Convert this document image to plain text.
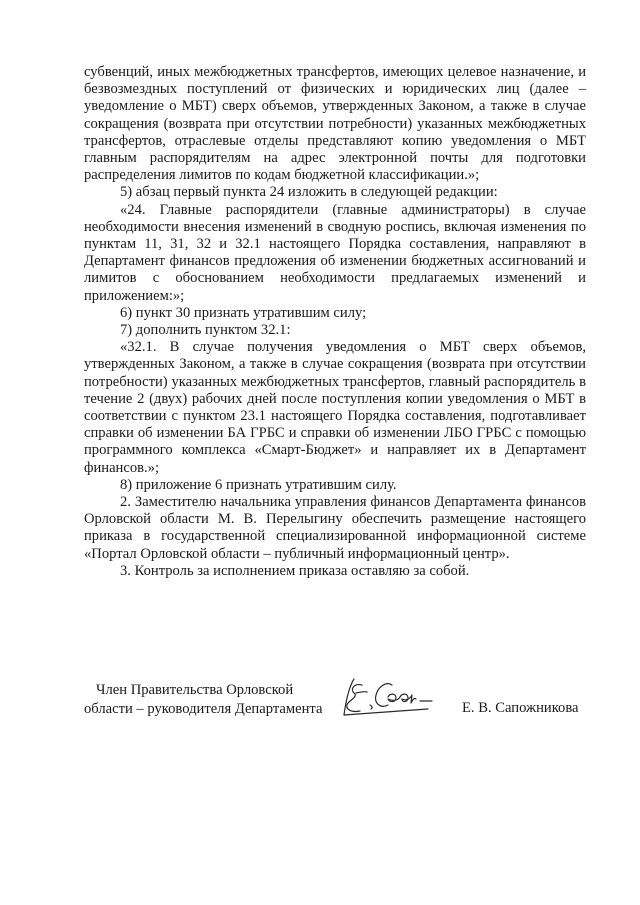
субвенций, иных межбюджетных трансфертов, имеющих целевое назначение, и безвозмездных поступлений от физических и юридических лиц (далее – уведомление о МБТ) сверх объемов, утвержденных Законом, а также в случае сокращения (возврата при отсутствии потребности) указанных межбюджетных трансфертов, отраслевые отделы представляют копию уведомления о МБТ главным распорядителям на адрес электронной почты для подготовки распределения лимитов по кодам бюджетной классификации.»;

5) абзац первый пункта 24 изложить в следующей редакции:

«24. Главные распорядители (главные администраторы) в случае необходимости внесения изменений в сводную роспись, включая изменения по пунктам 11, 31, 32 и 32.1 настоящего Порядка составления, направляют в Департамент финансов предложения об изменении бюджетных ассигнований и лимитов с обоснованием необходимости предлагаемых изменений и приложением:»;

6) пункт 30 признать утратившим силу;

7) дополнить пунктом 32.1:

«32.1. В случае получения уведомления о МБТ сверх объемов, утвержденных Законом, а также в случае сокращения (возврата при отсутствии потребности) указанных межбюджетных трансфертов, главный распорядитель в течение 2 (двух) рабочих дней после поступления копии уведомления о МБТ в соответствии с пунктом 23.1 настоящего Порядка составления, подготавливает справки об изменении БА ГРБС и справки об изменении ЛБО ГРБС с помощью программного комплекса «Смарт-Бюджет» и направляет их в Департамент финансов.»;

8) приложение 6 признать утратившим силу.

2. Заместителю начальника управления финансов Департамента финансов Орловской области М. В. Перелыгину обеспечить размещение настоящего приказа в государственной специализированной информационной системе «Портал Орловской области – публичный информационный центр».

3. Контроль за исполнением приказа оставляю за собой.

Член Правительства Орловской
области – руководителя Департамента	Е. В. Сапожникова
